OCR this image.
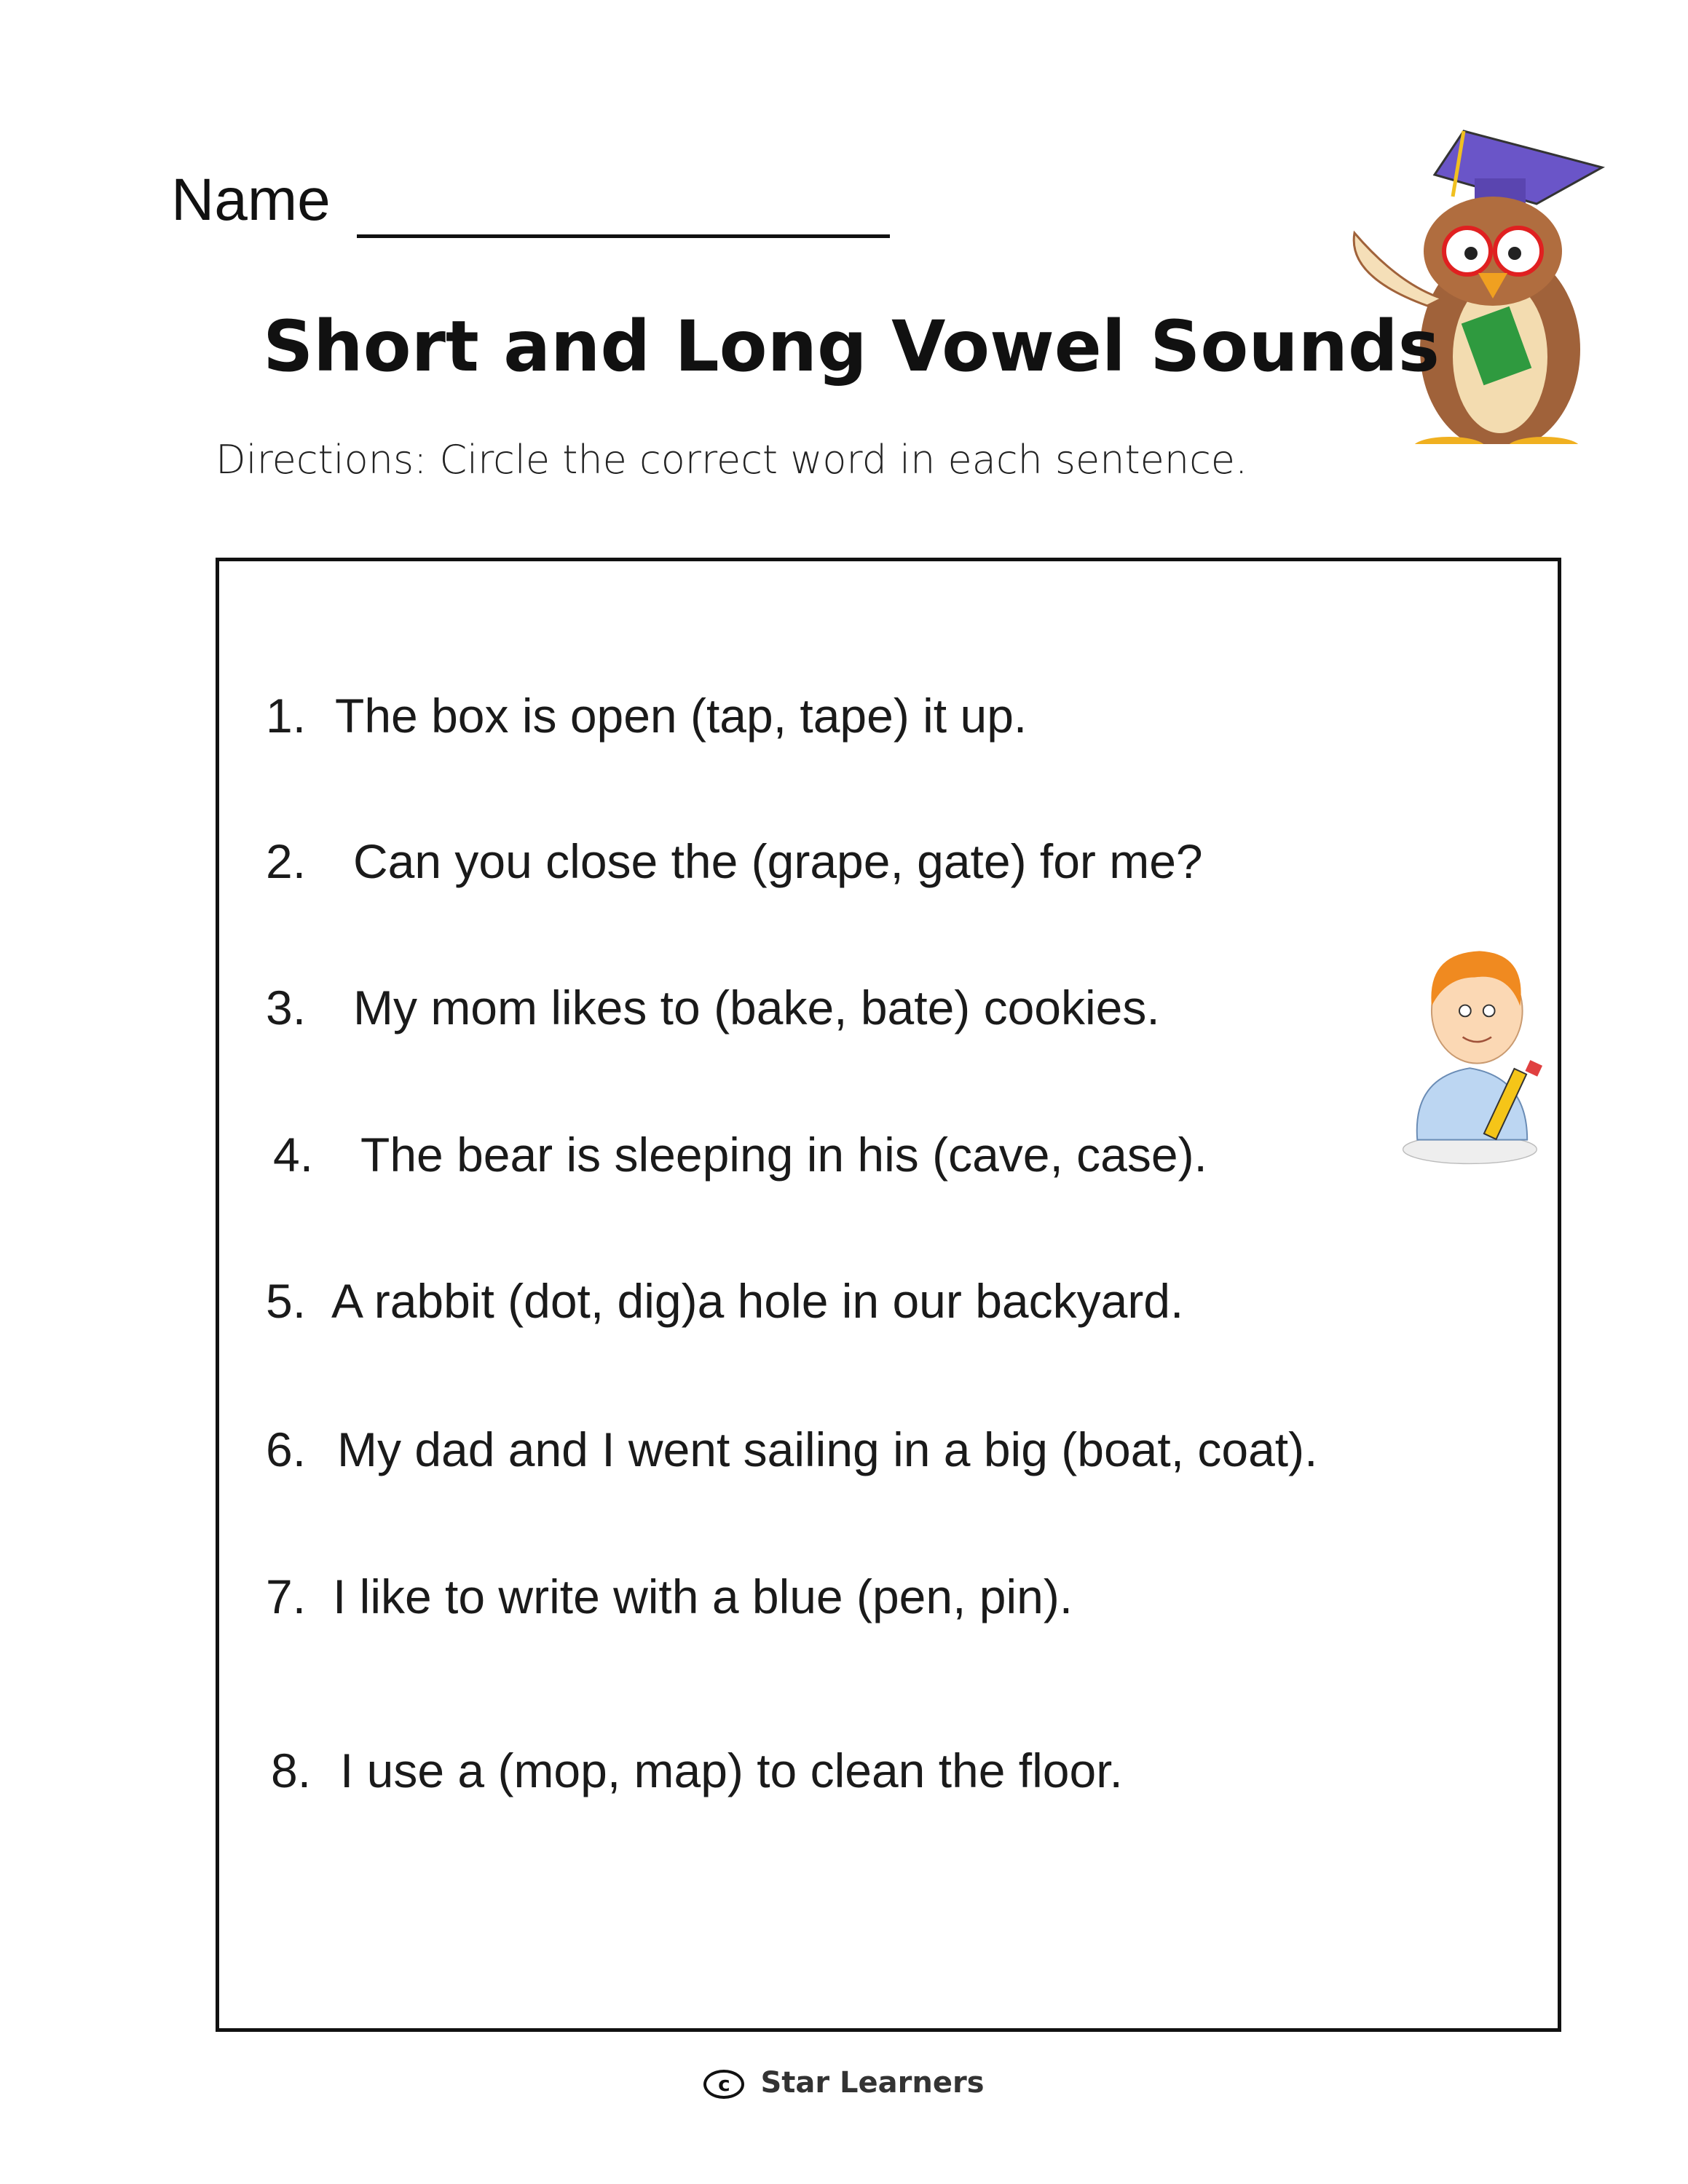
Name
Short and Long Vowel Sounds
Directions: Circle the correct word in each sentence.
1. The box is open (tap, tape) it up.
2. Can you close the (grape, gate) for me?
3. My mom likes to (bake, bate) cookies.
4. The bear is sleeping in his (cave, case).
5. A rabbit (dot, dig)a hole in our backyard.
6. My dad and I went sailing in a big (boat, coat).
7. I like to write with a blue (pen, pin).
8. I use a (mop, map) to clean the floor.
c Star Learners
